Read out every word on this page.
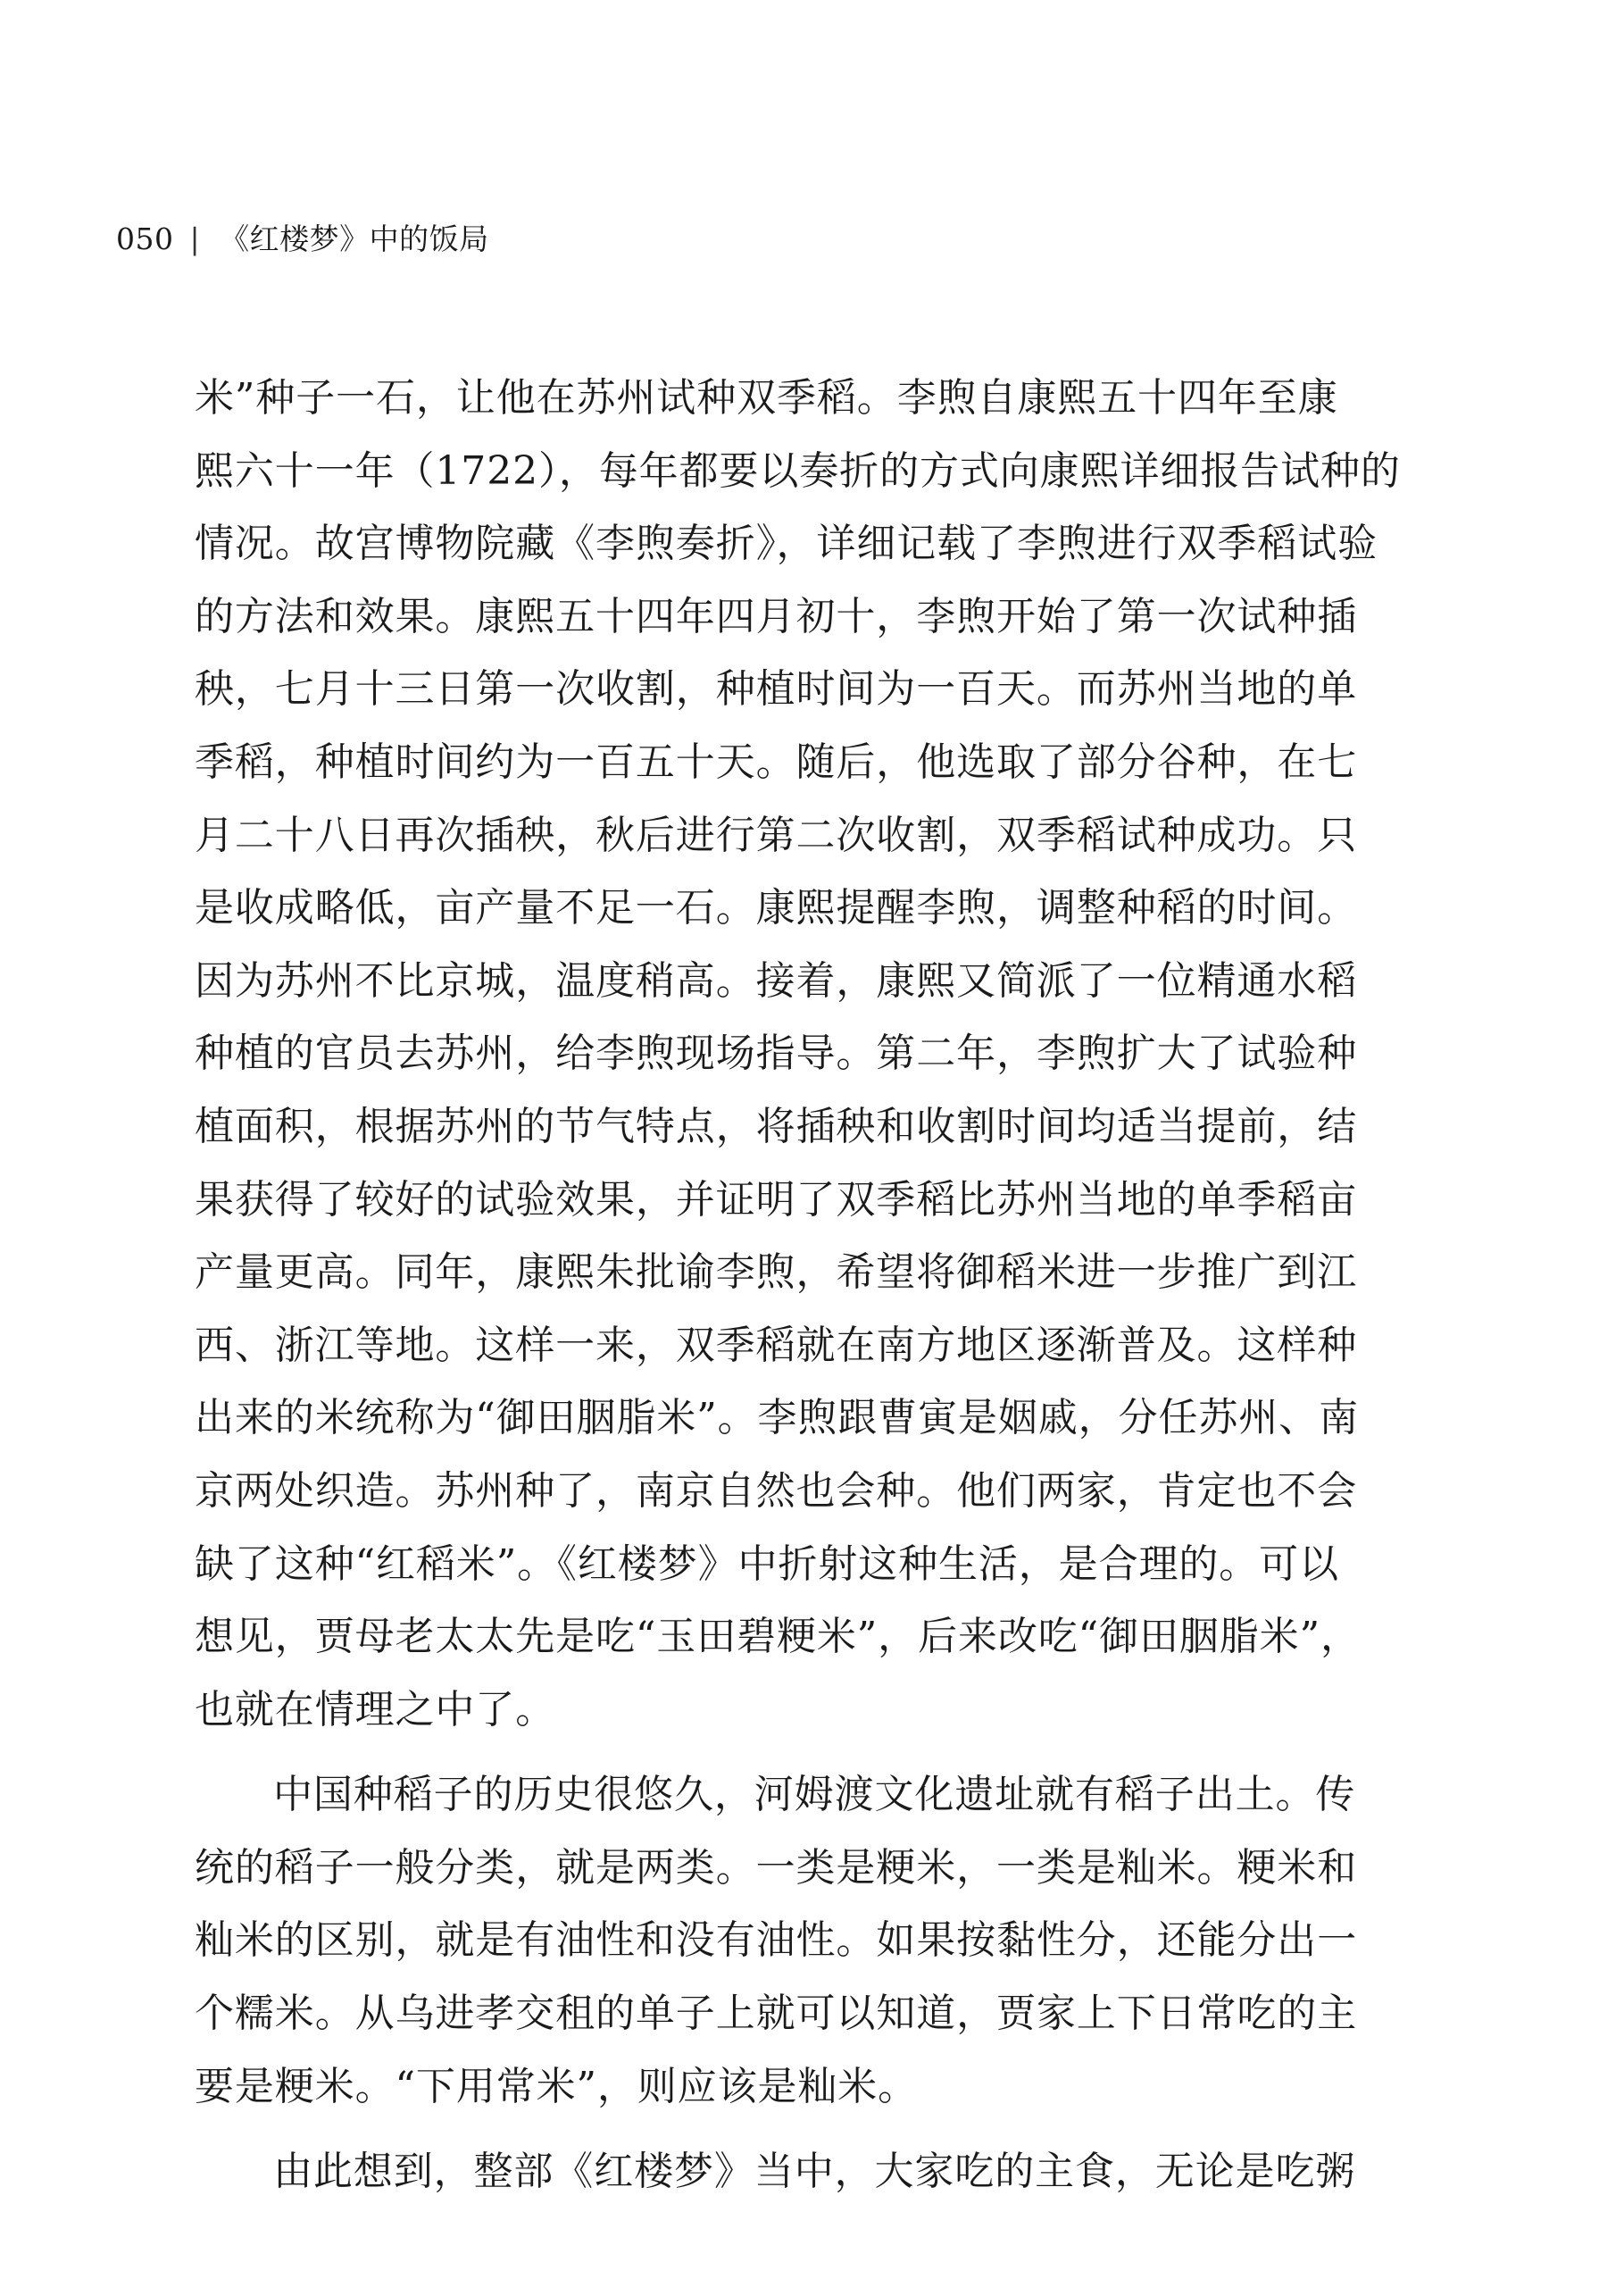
050 | 《红楼梦》中的饭局
米”种子一石，让他在苏州试种双季稻。李煦自康熙五十四年至康
熙六十一年（1722），每年都要以奏折的方式向康熙详细报告试种的
情况。故宫博物院藏《李煦奏折》，详细记载了李煦进行双季稻试验
的方法和效果。康熙五十四年四月初十，李煦开始了第一次试种插
秧，七月十三日第一次收割，种植时间为一百天。而苏州当地的单
季稻，种植时间约为一百五十天。随后，他选取了部分谷种，在七
月二十八日再次插秧，秋后进行第二次收割，双季稻试种成功。只
是收成略低，亩产量不足一石。康熙提醒李煦，调整种稻的时间。
因为苏州不比京城，温度稍高。接着，康熙又简派了一位精通水稻
种植的官员去苏州，给李煦现场指导。第二年，李煦扩大了试验种
植面积，根据苏州的节气特点，将插秧和收割时间均适当提前，结
果获得了较好的试验效果，并证明了双季稻比苏州当地的单季稻亩
产量更高。同年，康熙朱批谕李煦，希望将御稻米进一步推广到江
西、浙江等地。这样一来，双季稻就在南方地区逐渐普及。这样种
出来的米统称为“御田胭脂米”。李煦跟曹寅是姻戚，分任苏州、南
京两处织造。苏州种了，南京自然也会种。他们两家，肯定也不会
缺了这种“红稻米”。《红楼梦》中折射这种生活，是合理的。可以
想见，贾母老太太先是吃“玉田碧粳米”，后来改吃“御田胭脂米”，
也就在情理之中了。
中国种稻子的历史很悠久，河姆渡文化遗址就有稻子出土。传
统的稻子一般分类，就是两类。一类是粳米，一类是籼米。粳米和
籼米的区别，就是有油性和没有油性。如果按黏性分，还能分出一
个糯米。从乌进孝交租的单子上就可以知道，贾家上下日常吃的主
要是粳米。“下用常米”，则应该是籼米。
由此想到，整部《红楼梦》当中，大家吃的主食，无论是吃粥
